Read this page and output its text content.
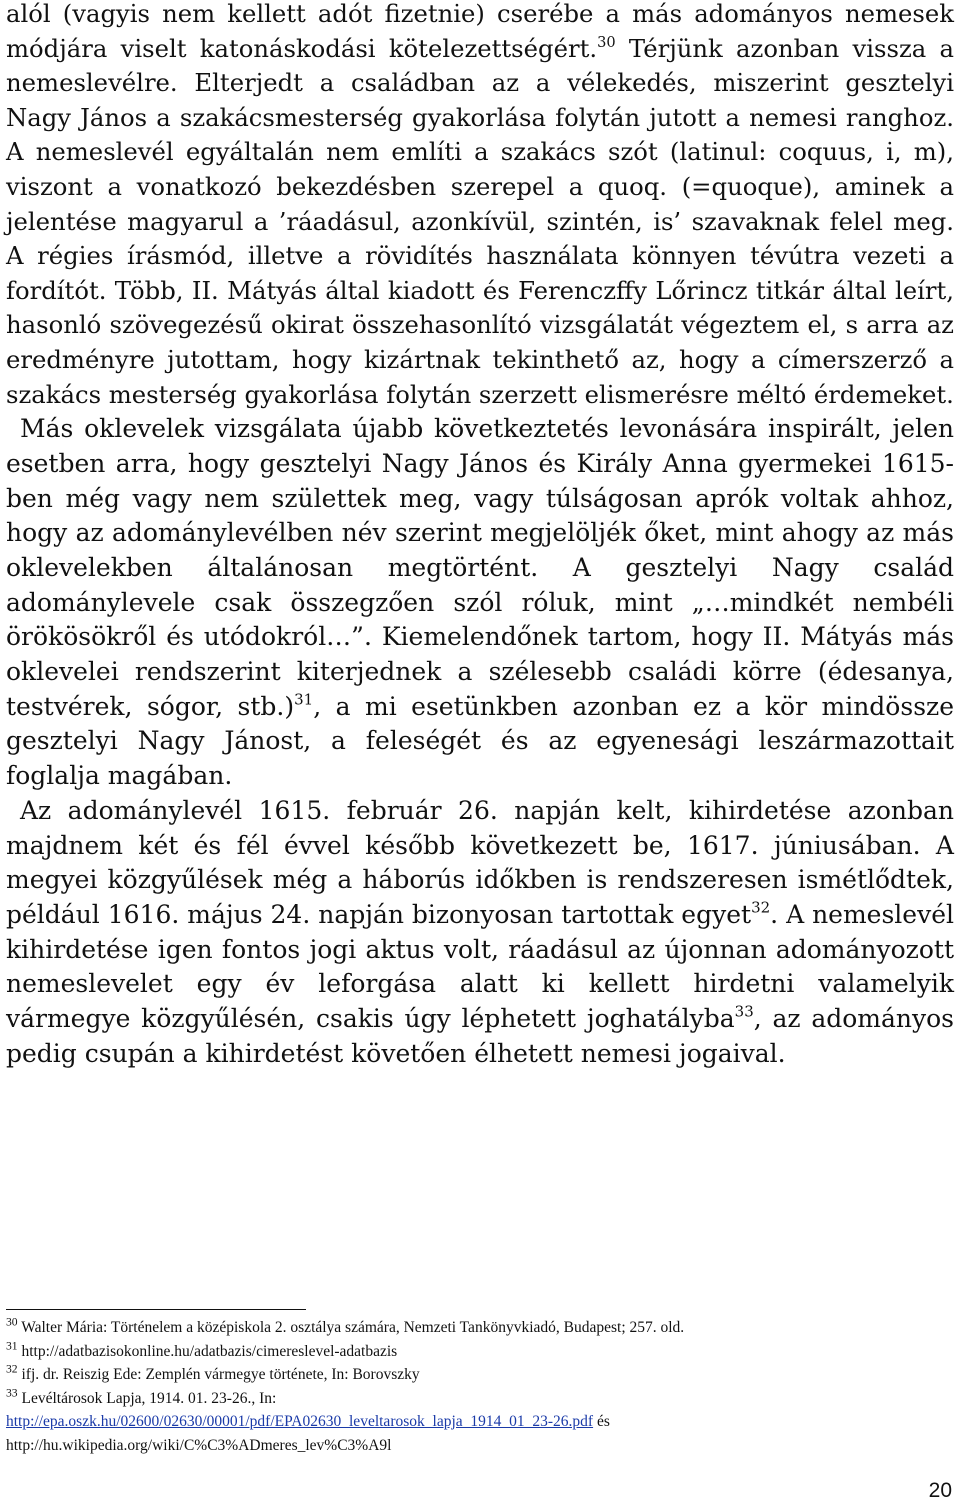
alól (vagyis nem kellett adót fizetnie) cserébe a más adományos nemesek módjára viselt katonáskodási kötelezettségért.$^{30}$ Térjünk azonban vissza a nemeslevélre. Elterjedt a családban az a vélekedés, miszerint gesztelyi Nagy János a szakácsmesterség gyakorlása folytán jutott a nemesi ranghoz. A nemeslevél egyáltalán nem említi a szakács szót (latinul: coquus, i, m), viszont a vonatkozó bekezdésben szerepel a quoq. (=quoque), aminek a jelentése magyarul a ’ráadásul, azonkívül, szintén, is’ szavaknak felel meg. A régies írásmód, illetve a rövidítés használata könnyen tévútra vezeti a fordítót. Több, II. Mátyás által kiadott és Ferenczffy Lőrincz titkár által leírt, hasonló szövegezésű okirat összehasonlító vizsgálatát végeztem el, s arra az eredményre jutottam, hogy kizártnak tekinthető az, hogy a címerszerző a szakács mesterség gyakorlása folytán szerzett elismerésre méltó érdemeket.

Más oklevelek vizsgálata újabb következtetés levonására inspirált, jelen esetben arra, hogy gesztelyi Nagy János és Király Anna gyermekei 1615-ben még vagy nem születtek meg, vagy túlságosan aprók voltak ahhoz, hogy az adománylevélben név szerint megjelöljék őket, mint ahogy az más oklevelekben általánosan megtörtént. A gesztelyi Nagy család adománylevele csak összegzően szól róluk, mint „…mindkét nembéli örökösökről és utódokról…”. Kiemelendőnek tartom, hogy II. Mátyás más oklevelei rendszerint kiterjednek a szélesebb családi körre (édesanya, testvérek, sógor, stb.)$^{31}$, a mi esetünkben azonban ez a kör mindössze gesztelyi Nagy Jánost, a feleségét és az egyenesági leszármazottait foglalja magában.

Az adománylevél 1615. február 26. napján kelt, kihirdetése azonban majdnem két és fél évvel később következett be, 1617. júniusában. A megyei közgyűlések még a háborús időkben is rendszeresen ismétlődtek, például 1616. május 24. napján bizonyosan tartottak egyet$^{32}$. A nemeslevél kihirdetése igen fontos jogi aktus volt, ráadásul az újonnan adományozott nemeslevelet egy év leforgása alatt ki kellett hirdetni valamelyik vármegye közgyűlésén, csakis úgy léphetett joghatályba$^{33}$, az adományos pedig csupán a kihirdetést követően élhetett nemesi jogaival.

$^{30}$ Walter Mária: Történelem a középiskola 2. osztálya számára, Nemzeti Tankönyvkiadó, Budapest; 257. old.

$^{31}$ http://adatbazisokonline.hu/adatbazis/cimereslevel-adatbazis

$^{32}$ ifj. dr. Reiszig Ede: Zemplén vármegye története, In: Borovszky

$^{33}$ Levéltárosok Lapja, 1914. 01. 23-26., In:
http://epa.oszk.hu/02600/02630/00001/pdf/EPA02630_leveltarosok_lapja_1914_01_23-26.pdf és
http://hu.wikipedia.org/wiki/C%C3%ADmeres_lev%C3%A9l

20
